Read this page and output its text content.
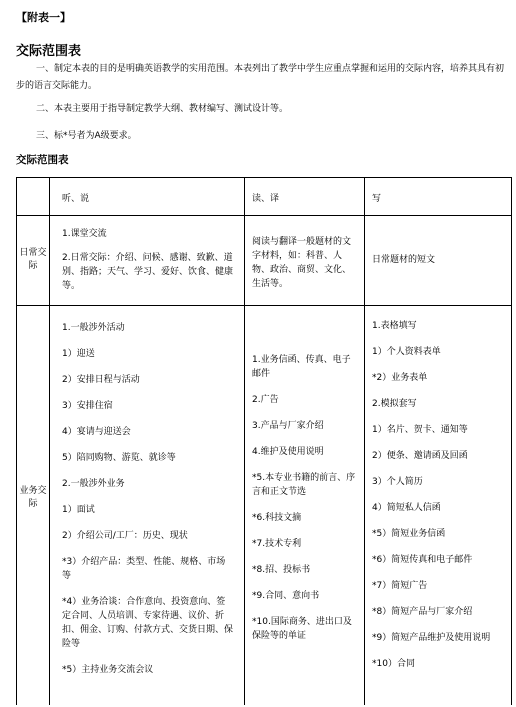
【附表一】
交际范围表
一、制定本表的目的是明确英语教学的实用范围。本表列出了教学中学生应重点掌握和运用的交际内容，培养其具有初步的语言交际能力。
二、本表主要用于指导制定教学大纲、教材编写、测试设计等。
三、标*号者为A级要求。
交际范围表
听、说	读、译	写
日常交际
1.课堂交流
2.日常交际：介绍、问候、感谢、致歉、道别、指路；天气、学习、爱好、饮食、健康等。
阅读与翻译一般题材的文字材料，如：科普、人物、政治、商贸、文化、生活等。
日常题材的短文
业务交际
1.一般涉外活动
1）迎送
2）安排日程与活动
3）安排住宿
4）宴请与迎送会
5）陪同购物、游览、就诊等
2.一般涉外业务
1）面试
2）介绍公司/工厂：历史、现状
*3）介绍产品：类型、性能、规格、市场等
*4）业务洽谈：合作意向、投资意向、签定合同、人员培训、专家待遇、议价、折扣、佣金、订购、付款方式、交货日期、保险等
*5）主持业务交流会议
1.业务信函、传真、电子邮件
2.广告
3.产品与厂家介绍
4.维护及使用说明
*5.本专业书籍的前言、序言和正文节选
*6.科技文摘
*7.技术专利
*8.招、投标书
*9.合同、意向书
*10.国际商务、进出口及保险等的单证
1.表格填写
1）个人资料表单
*2）业务表单
2.模拟套写
1）名片、贺卡、通知等
2）便条、邀请函及回函
3）个人简历
4）简短私人信函
*5）简短业务信函
*6）简短传真和电子邮件
*7）简短广告
*8）简短产品与厂家介绍
*9）简短产品维护及使用说明
*10）合同
